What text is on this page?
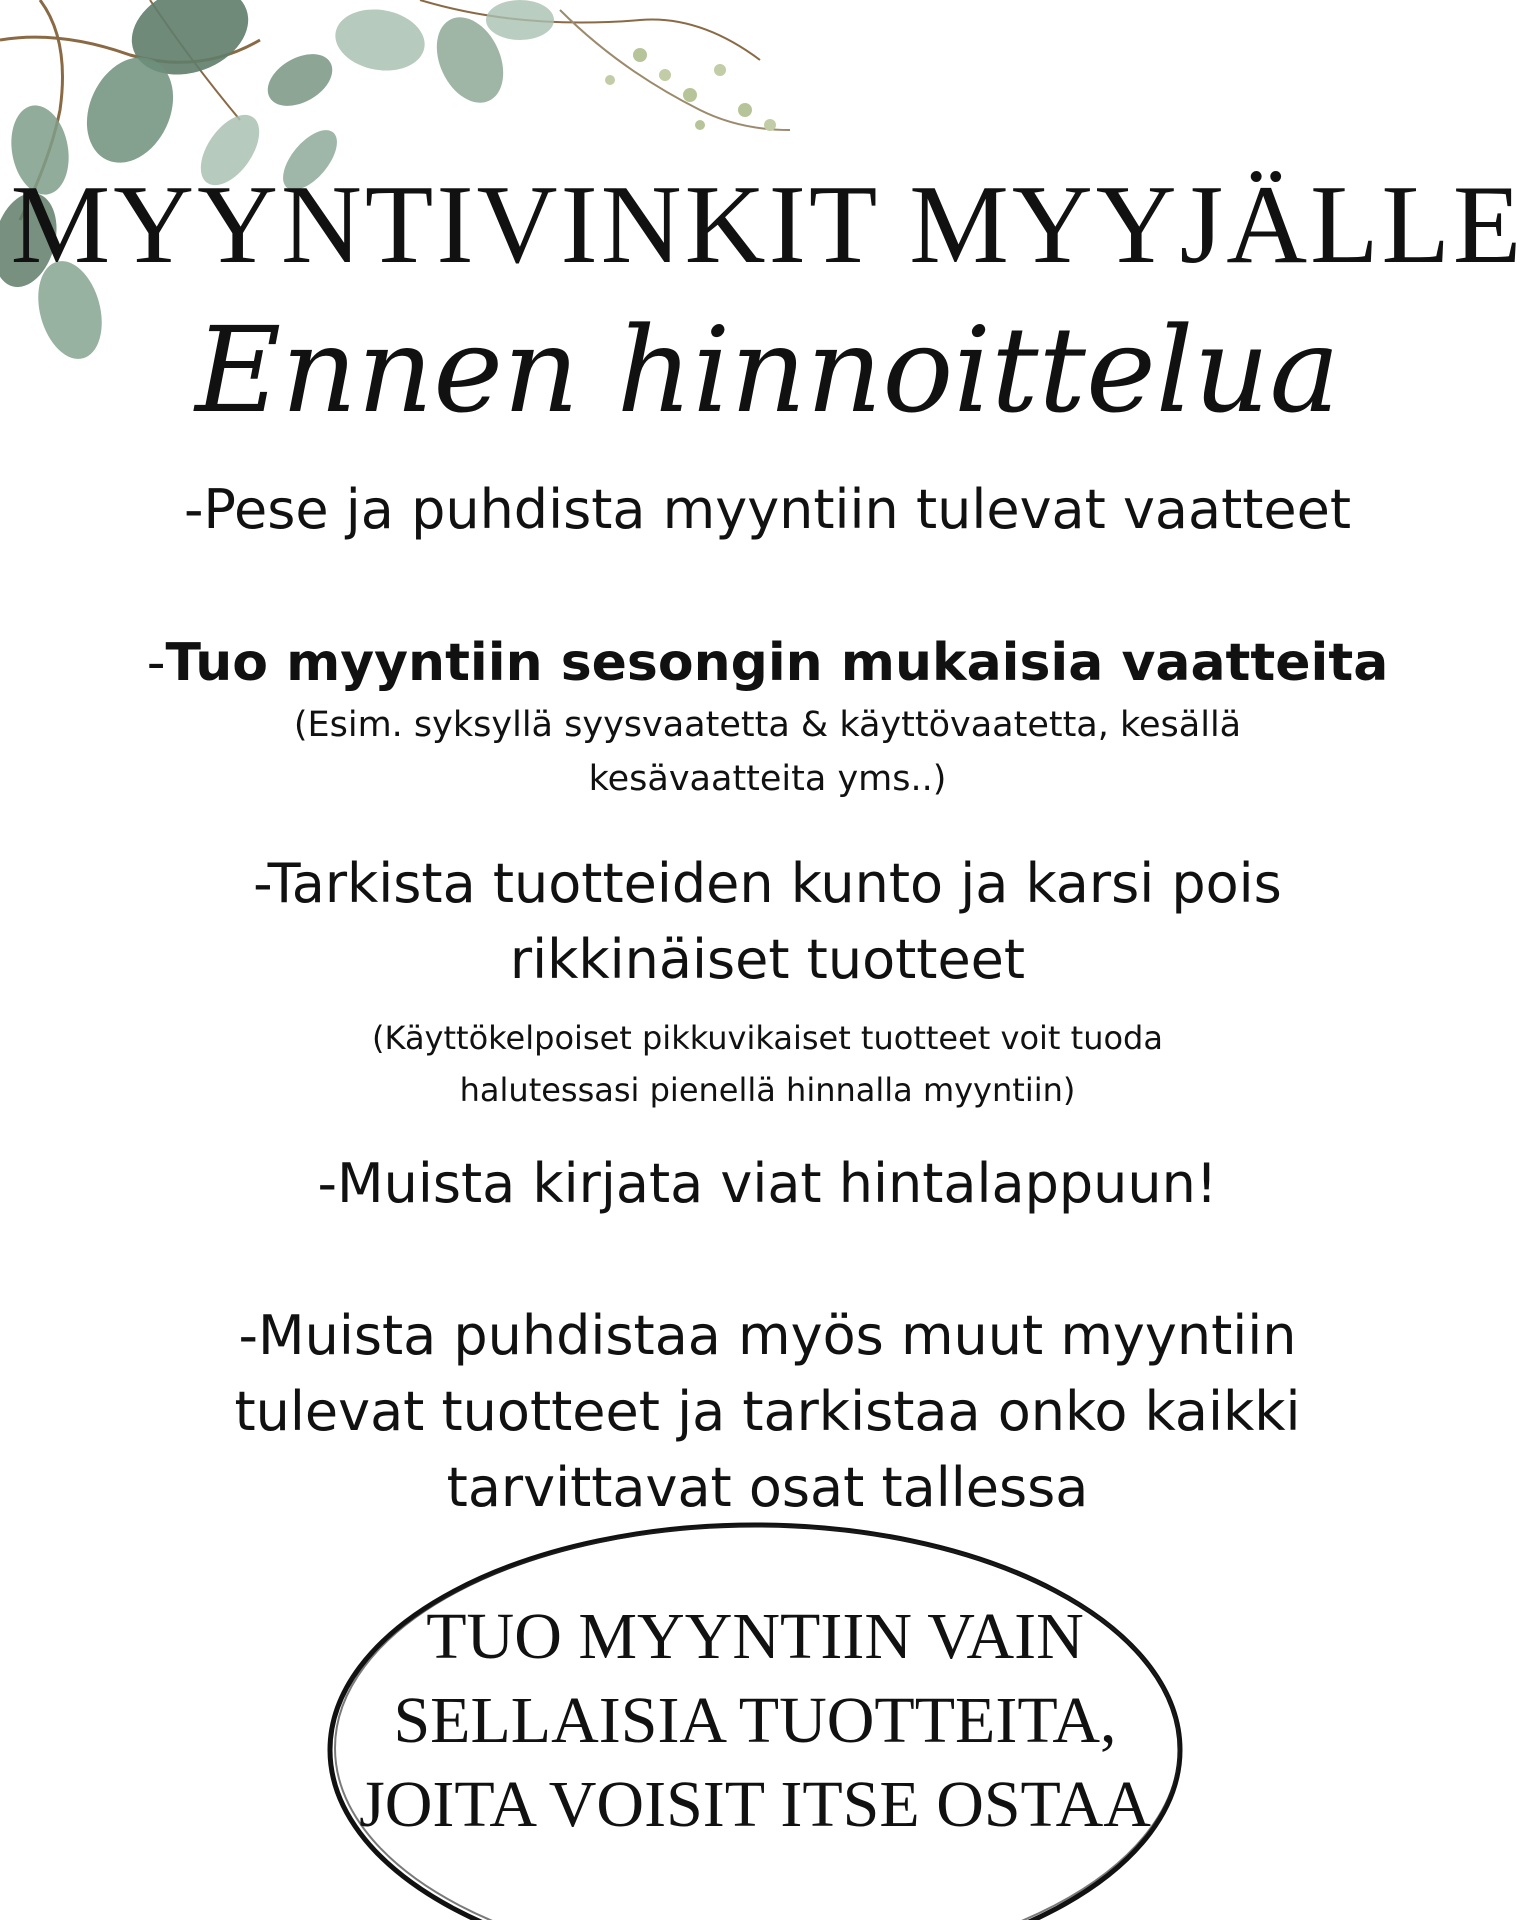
MYYNTIVINKIT MYYJÄLLE
Ennen hinnoittelua
-Pese ja puhdista myyntiin tulevat vaatteet
-Tuo myyntiin sesongin mukaisia vaatteita
(Esim. syksyllä syysvaatetta & käyttövaatetta, kesällä
kesävaatteita yms..)
-Tarkista tuotteiden kunto ja karsi pois
rikkinäiset tuotteet
(Käyttökelpoiset pikkuvikaiset tuotteet voit tuoda
halutessasi pienellä hinnalla myyntiin)
-Muista kirjata viat hintalappuun!
-Muista puhdistaa myös muut myyntiin
tulevat tuotteet ja tarkistaa onko kaikki
tarvittavat osat tallessa
TUO MYYNTIIN VAIN
SELLAISIA TUOTTEITA,
JOITA VOISIT ITSE OSTAA
